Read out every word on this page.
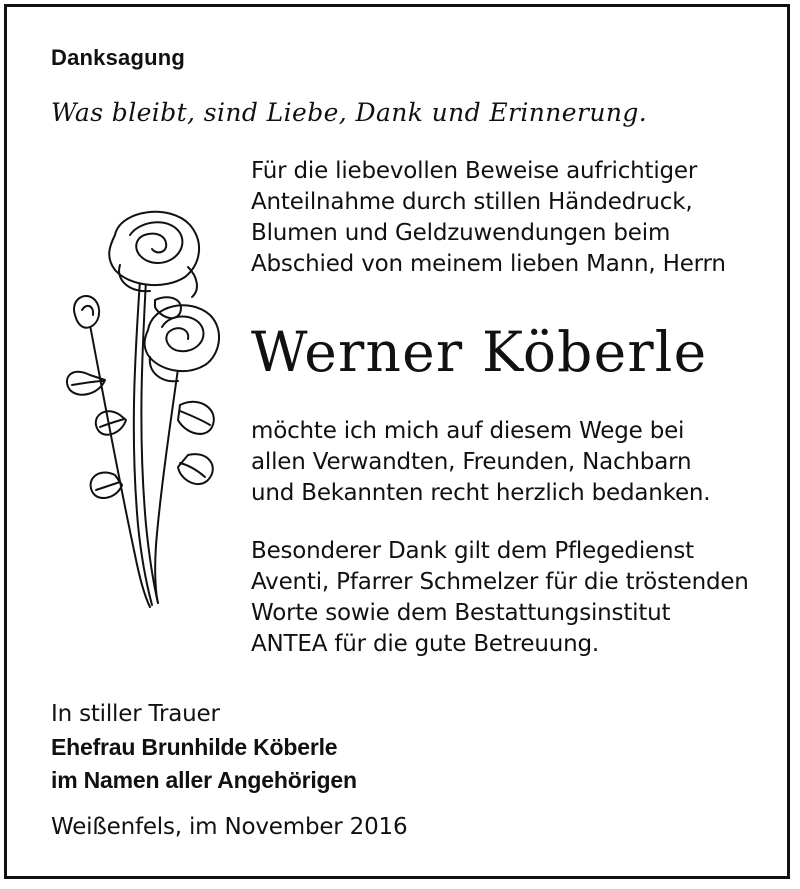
Danksagung
Was bleibt, sind Liebe, Dank und Erinnerung.
Für die liebevollen Beweise aufrichtiger
Anteilnahme durch stillen Händedruck,
Blumen und Geldzuwendungen beim
Abschied von meinem lieben Mann, Herrn
Werner Köberle
möchte ich mich auf diesem Wege bei
allen Verwandten, Freunden, Nachbarn
und Bekannten recht herzlich bedanken.
Besonderer Dank gilt dem Pflegedienst
Aventi, Pfarrer Schmelzer für die tröstenden
Worte sowie dem Bestattungsinstitut
ANTEA für die gute Betreuung.
In stiller Trauer
Ehefrau Brunhilde Köberle
im Namen aller Angehörigen
Weißenfels, im November 2016
